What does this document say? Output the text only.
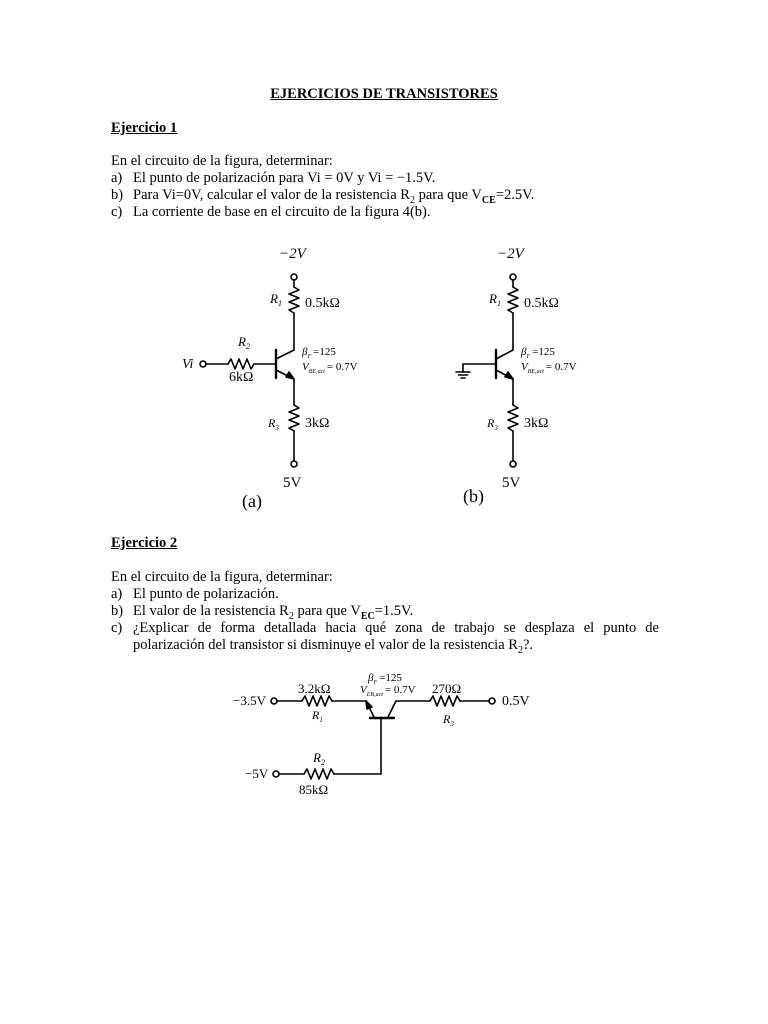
EJERCICIOS DE TRANSISTORES
Ejercicio 1
En el circuito de la figura, determinar:
a) El punto de polarización para Vi = 0V y Vi = −1.5V.
b) Para Vi=0V, calcular el valor de la resistencia $R_2$ para que $V_{CE}=2.5V$.
c) La corriente de base en el circuito de la figura 4(b).
Ejercicio 2
En el circuito de la figura, determinar:
a) El punto de polarización.
b) El valor de la resistencia $R_2$ para que $V_{EC}=1.5V$.
c) ¿Explicar de forma detallada hacia qué zona de trabajo se desplaza el punto de
polarización del transistor si disminuye el valor de la resistencia $R_2$?.
−2V
$R_1$ 0.5kΩ
$R_2$
6kΩ
Vi
$\beta_F =125$
$V_{BE,act} = 0.7V$
$R_3$ 3kΩ
5V
(a)
−2V
$R_1$ 0.5kΩ
$\beta_F =125$
$V_{BE,act} = 0.7V$
$R_3$ 3kΩ
5V
(b)
−3.5V
−5V
0.5V
3.2kΩ
$R_1$
270Ω
$R_3$
$R_2$
85kΩ
$\beta_F =125$
$V_{EB,act} = 0.7V$
